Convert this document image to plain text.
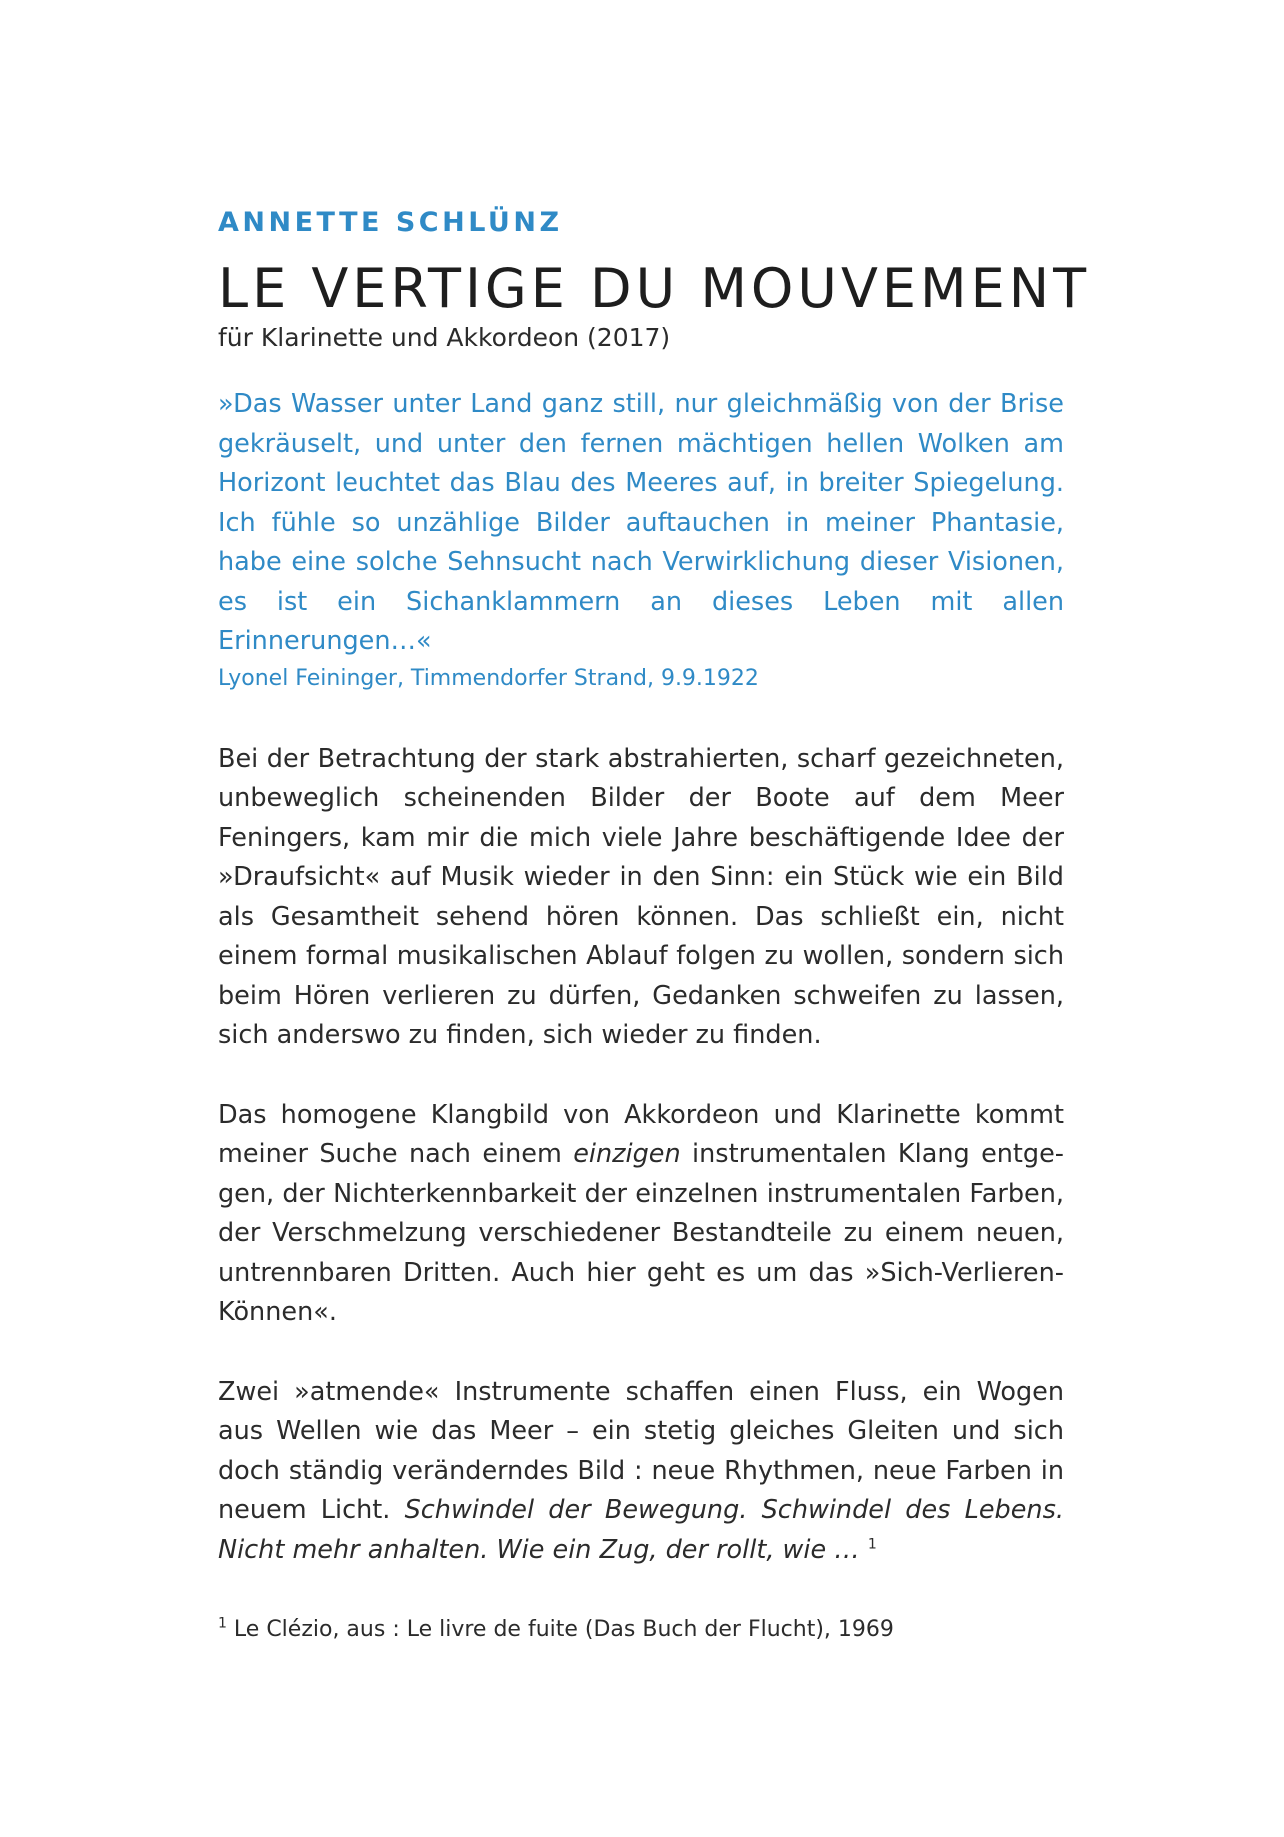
ANNETTE SCHLÜNZ
LE VERTIGE DU MOUVEMENT

für Klarinette und Akkordeon (2017)

»Das Wasser unter Land ganz still, nur gleichmäßig von der Brise gekräuselt, und unter den fernen mächtigen hellen Wolken am Horizont leuchtet das Blau des Meeres auf, in breiter Spiegelung. Ich fühle so unzählige Bilder auftauchen in meiner Phantasie, habe eine solche Sehnsucht nach Verwirklichung dieser Visionen, es ist ein Sichanklammern an dieses Leben mit allen Erinnerungen…«

Lyonel Feininger, Timmendorfer Strand, 9.9.1922

Bei der Betrachtung der stark abstrahierten, scharf gezeichneten, unbeweglich scheinenden Bilder der Boote auf dem Meer Feningers, kam mir die mich viele Jahre beschäftigende Idee der »Draufsicht« auf Musik wieder in den Sinn: ein Stück wie ein Bild als Gesamtheit sehend hören können. Das schließt ein, nicht einem formal musikalischen Ablauf folgen zu wollen, sondern sich beim Hören verlieren zu dürfen, Gedanken schweifen zu lassen, sich anderswo zu finden, sich wieder zu finden.

Das homogene Klangbild von Akkordeon und Klarinette kommt meiner Suche nach einem einzigen instrumentalen Klang entgegen, der Nichterkennbarkeit der einzelnen instrumentalen Farben, der Verschmelzung verschiedener Bestandteile zu einem neuen, untrennbaren Dritten. Auch hier geht es um das »Sich-Verlieren-Können«.

Zwei »atmende« Instrumente schaffen einen Fluss, ein Wogen aus Wellen wie das Meer – ein stetig gleiches Gleiten und sich doch ständig veränderndes Bild : neue Rhythmen, neue Farben in neuem Licht. Schwindel der Bewegung. Schwindel des Lebens. Nicht mehr anhalten. Wie ein Zug, der rollt, wie … $^1$

$^1$ Le Clézio, aus : Le livre de fuite (Das Buch der Flucht), 1969
